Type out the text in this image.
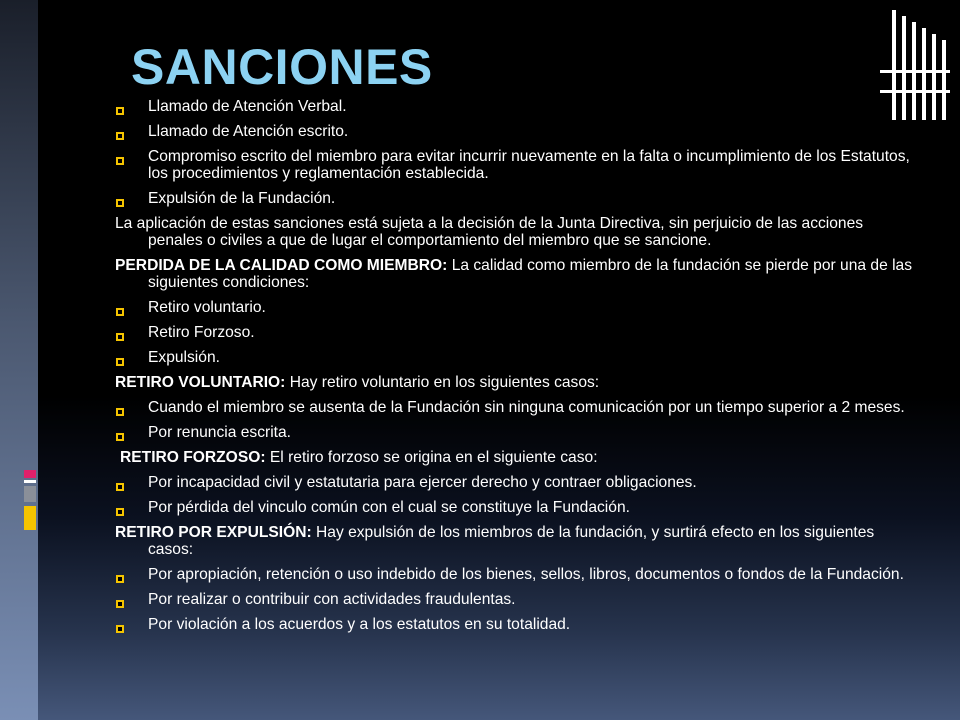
SANCIONES
Llamado de Atención Verbal.
Llamado de Atención escrito.
Compromiso escrito del miembro para evitar incurrir nuevamente en la falta o incumplimiento de los Estatutos, los procedimientos y reglamentación establecida.
Expulsión de la Fundación.
La aplicación de estas sanciones está sujeta a la decisión de la Junta Directiva, sin perjuicio de las acciones penales o civiles a que de lugar el comportamiento del miembro que se sancione.
PERDIDA DE LA CALIDAD COMO MIEMBRO: La calidad como miembro de la fundación se pierde por una de las siguientes condiciones:
Retiro voluntario.
Retiro Forzoso.
Expulsión.
RETIRO VOLUNTARIO: Hay retiro voluntario en los siguientes casos:
Cuando el miembro se ausenta de la Fundación sin ninguna comunicación por un tiempo superior a 2 meses.
Por renuncia escrita.
RETIRO FORZOSO: El retiro forzoso se origina en el siguiente caso:
Por incapacidad civil y estatutaria para ejercer derecho y contraer obligaciones.
Por pérdida del vinculo común con el cual se constituye la Fundación.
RETIRO POR EXPULSIÓN: Hay expulsión de los miembros de la fundación, y surtirá efecto en los siguientes casos:
Por apropiación, retención o uso indebido de los bienes, sellos, libros, documentos o fondos de la Fundación.
Por realizar o contribuir con actividades fraudulentas.
Por violación a los acuerdos y a los estatutos en su totalidad.
